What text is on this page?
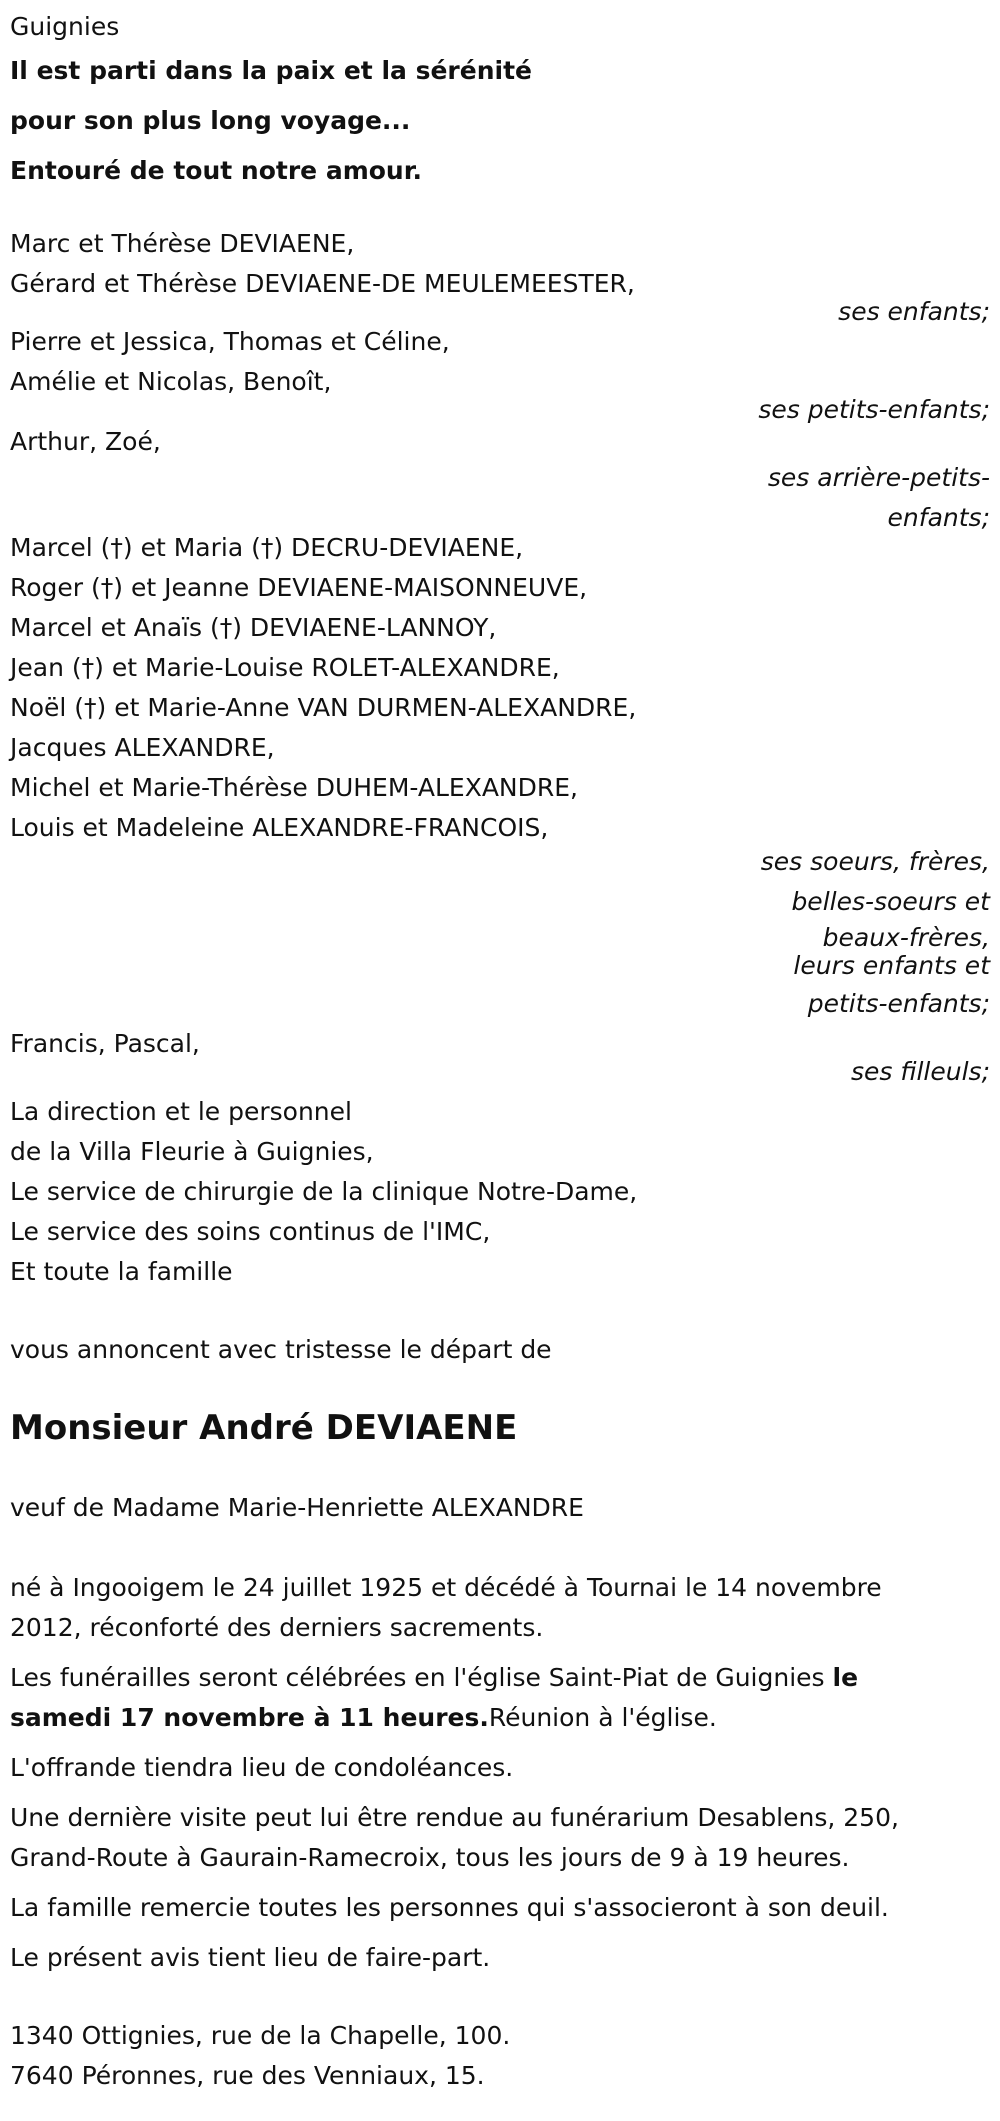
Guignies
Il est parti dans la paix et la sérénité
pour son plus long voyage...
Entouré de tout notre amour.
Marc et Thérèse DEVIAENE,
Gérard et Thérèse DEVIAENE-DE MEULEMEESTER,
ses enfants;
Pierre et Jessica, Thomas et Céline,
Amélie et Nicolas, Benoît,
ses petits-enfants;
Arthur, Zoé,
ses arrière-petits-
enfants;
Marcel (†) et Maria (†) DECRU-DEVIAENE,
Roger (†) et Jeanne DEVIAENE-MAISONNEUVE,
Marcel et Anaïs (†) DEVIAENE-LANNOY,
Jean (†) et Marie-Louise ROLET-ALEXANDRE,
Noël (†) et Marie-Anne VAN DURMEN-ALEXANDRE,
Jacques ALEXANDRE,
Michel et Marie-Thérèse DUHEM-ALEXANDRE,
Louis et Madeleine ALEXANDRE-FRANCOIS,
ses soeurs, frères,
belles-soeurs et
beaux-frères,
leurs enfants et
petits-enfants;
Francis, Pascal,
ses filleuls;
La direction et le personnel
de la Villa Fleurie à Guignies,
Le service de chirurgie de la clinique Notre-Dame,
Le service des soins continus de l'IMC,
Et toute la famille
vous annoncent avec tristesse le départ de
Monsieur André DEVIAENE
veuf de Madame Marie-Henriette ALEXANDRE
né à Ingooigem le 24 juillet 1925 et décédé à Tournai le 14 novembre
2012, réconforté des derniers sacrements.
Les funérailles seront célébrées en l'église Saint-Piat de Guignies le
samedi 17 novembre à 11 heures.Réunion à l'église.
L'offrande tiendra lieu de condoléances.
Une dernière visite peut lui être rendue au funérarium Desablens, 250,
Grand-Route à Gaurain-Ramecroix, tous les jours de 9 à 19 heures.
La famille remercie toutes les personnes qui s'associeront à son deuil.
Le présent avis tient lieu de faire-part.
1340 Ottignies, rue de la Chapelle, 100.
7640 Péronnes, rue des Venniaux, 15.
